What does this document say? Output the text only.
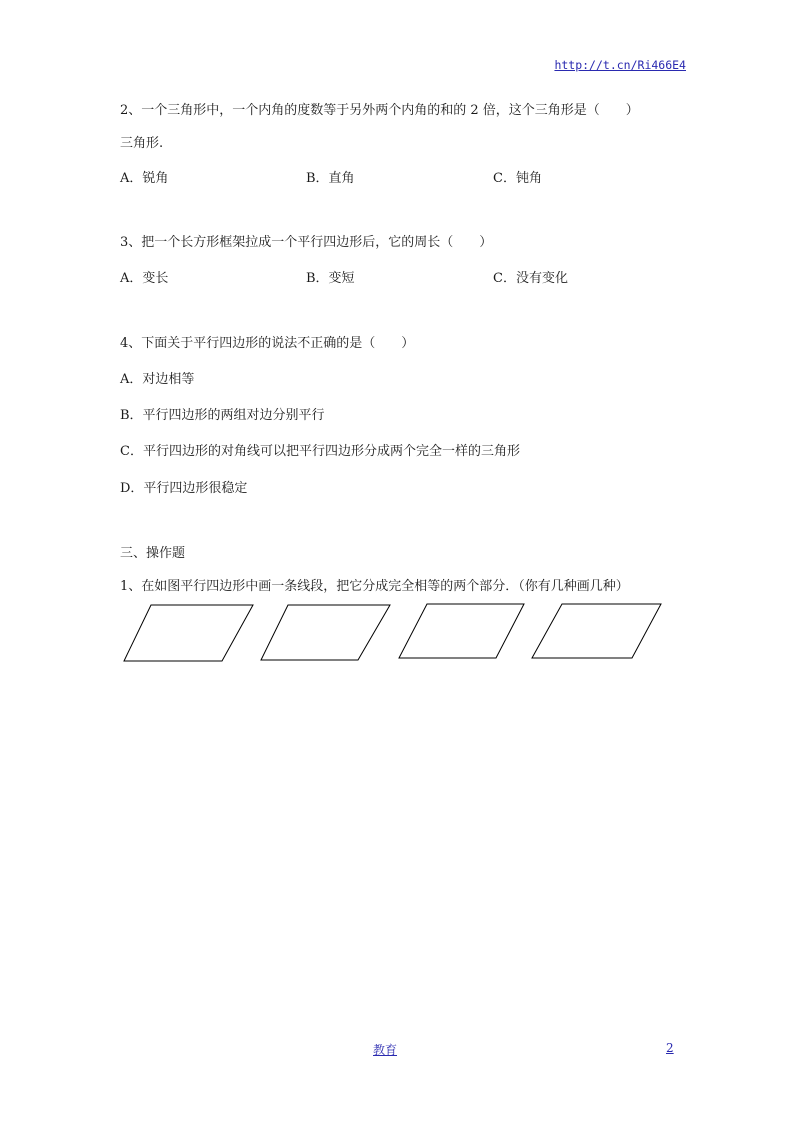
http://t.cn/Ri466E4
2、一个三角形中，一个内角的度数等于另外两个内角的和的 2 倍，这个三角形是（　　）
三角形.
A．锐角	B．直角	C．钝角
3、把一个长方形框架拉成一个平行四边形后，它的周长（　　）
A．变长	B．变短	C．没有变化
4、下面关于平行四边形的说法不正确的是（　　）
A．对边相等
B．平行四边形的两组对边分别平行
C．平行四边形的对角线可以把平行四边形分成两个完全一样的三角形
D．平行四边形很稳定
三、操作题
1、在如图平行四边形中画一条线段，把它分成完全相等的两个部分．（你有几种画几种）
教育	2
